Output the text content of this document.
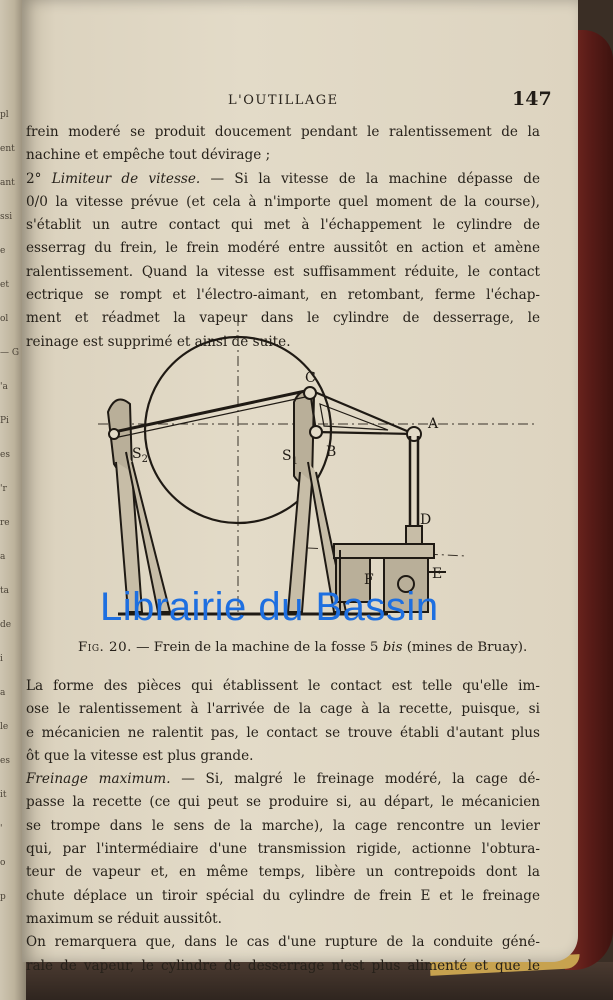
pl
ent
ant
ssi
e
et
ol
— G
'a
Pi
es
'r
re
a
ta
de
i
a
le
es
it
'
o
p
L'OUTILLAGE	147
frein moderé se produit doucement pendant le ralentissement de la
nachine et empêche tout dévirage ;
2° Limiteur de vitesse. — Si la vitesse de la machine dépasse de
0/0 la vitesse prévue (et cela à n'importe quel moment de la course),
s'établit un autre contact qui met à l'échappement le cylindre de
esserrag du frein, le frein modéré entre aussitôt en action et amène
ralentissement. Quand la vitesse est suffisamment réduite, le contact
ectrique se rompt et l'électro-aimant, en retombant, ferme l'échap-
ment et réadmet la vapeur dans le cylindre de desserrage, le
reinage est supprimé et ainsi de suite.
C
A
$S_2$	$S_1$
B
D
F	E
Fig. 20. — Frein de la machine de la fosse 5 bis (mines de Bruay).
La forme des pièces qui établissent le contact est telle qu'elle im-
ose le ralentissement à l'arrivée de la cage à la recette, puisque, si
e mécanicien ne ralentit pas, le contact se trouve établi d'autant plus
ôt que la vitesse est plus grande.
Freinage maximum. — Si, malgré le freinage modéré, la cage dé-
passe la recette (ce qui peut se produire si, au départ, le mécanicien
se trompe dans le sens de la marche), la cage rencontre un levier
qui, par l'intermédiaire d'une transmission rigide, actionne l'obtura-
teur de vapeur et, en même temps, libère un contrepoids dont la
chute déplace un tiroir spécial du cylindre de frein E et le freinage
maximum se réduit aussitôt.
On remarquera que, dans le cas d'une rupture de la conduite géné-
rale de vapeur, le cylindre de desserrage n'est plus alimenté et que le
Librairie du Bassin
